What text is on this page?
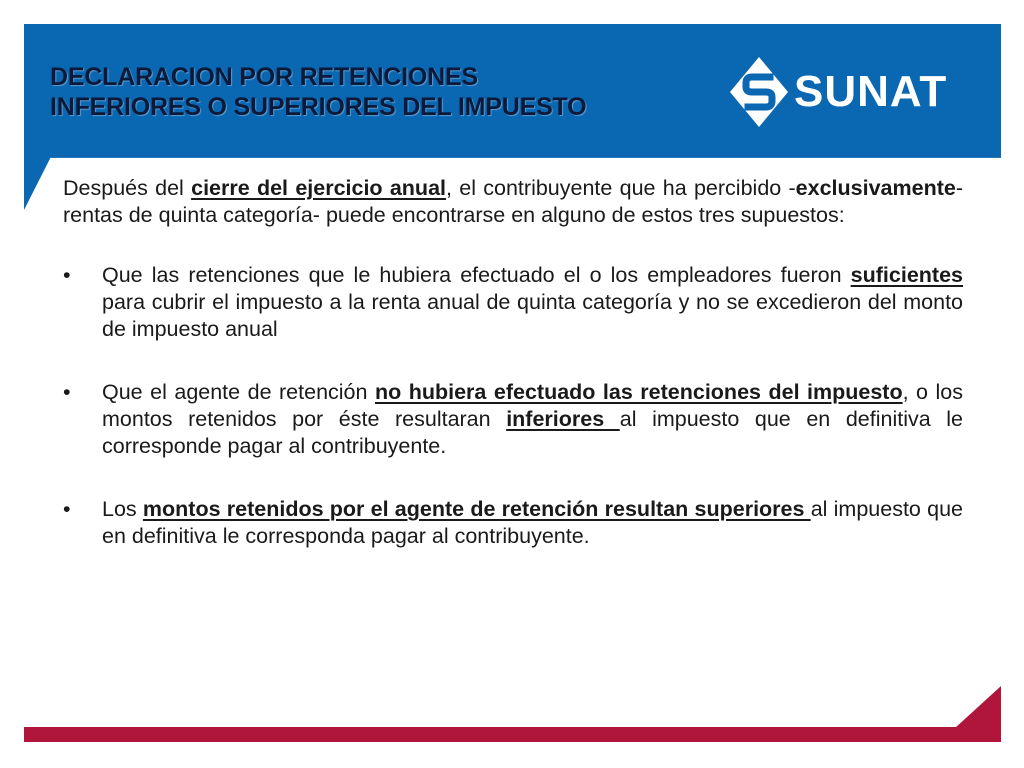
DECLARACION POR RETENCIONES
INFERIORES O SUPERIORES DEL IMPUESTO	SUNAT

Después del cierre del ejercicio anual, el contribuyente que ha percibido -exclusivamente- rentas de quinta categoría- puede encontrarse en alguno de estos tres supuestos:

• Que las retenciones que le hubiera efectuado el o los empleadores fueron suficientes para cubrir el impuesto a la renta anual de quinta categoría y no se excedieron del monto de impuesto anual
• Que el agente de retención no hubiera efectuado las retenciones del impuesto, o los montos retenidos por éste resultaran inferiores al impuesto que en definitiva le corresponde pagar al contribuyente.
• Los montos retenidos por el agente de retención resultan superiores al impuesto que en definitiva le corresponda pagar al contribuyente.
